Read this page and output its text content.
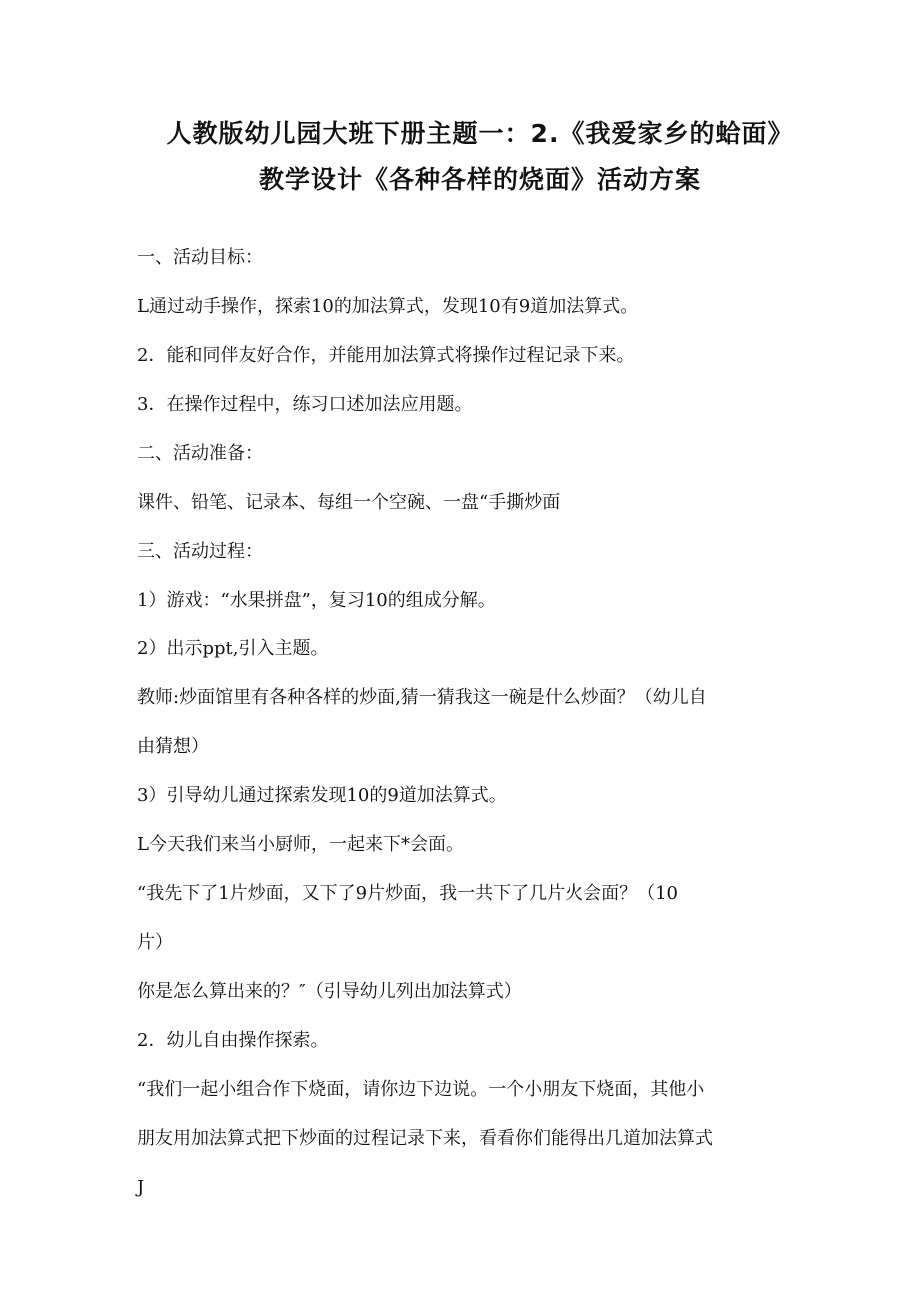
人教版幼儿园大班下册主题一：2.《我爱家乡的蛤面》
教学设计《各种各样的烧面》活动方案
一、活动目标：
L通过动手操作，探索10的加法算式，发现10有9道加法算式。
2．能和同伴友好合作，并能用加法算式将操作过程记录下来。
3．在操作过程中，练习口述加法应用题。
二、活动准备：
课件、铅笔、记录本、每组一个空碗、一盘“手撕炒面
三、活动过程：
1）游戏：“水果拼盘”，复习10的组成分解。
2）出示ppt,引入主题。
教师:炒面馆里有各种各样的炒面,猜一猜我这一碗是什么炒面？（幼儿自
由猜想）
3）引导幼儿通过探索发现10的9道加法算式。
L今天我们来当小厨师，一起来下*会面。
“我先下了1片炒面，又下了9片炒面，我一共下了几片火会面？（10
片）
你是怎么算出来的？″（引导幼儿列出加法算式）
2．幼儿自由操作探索。
“我们一起小组合作下烧面，请你边下边说。一个小朋友下烧面，其他小
朋友用加法算式把下炒面的过程记录下来，看看你们能得出几道加法算式
J
